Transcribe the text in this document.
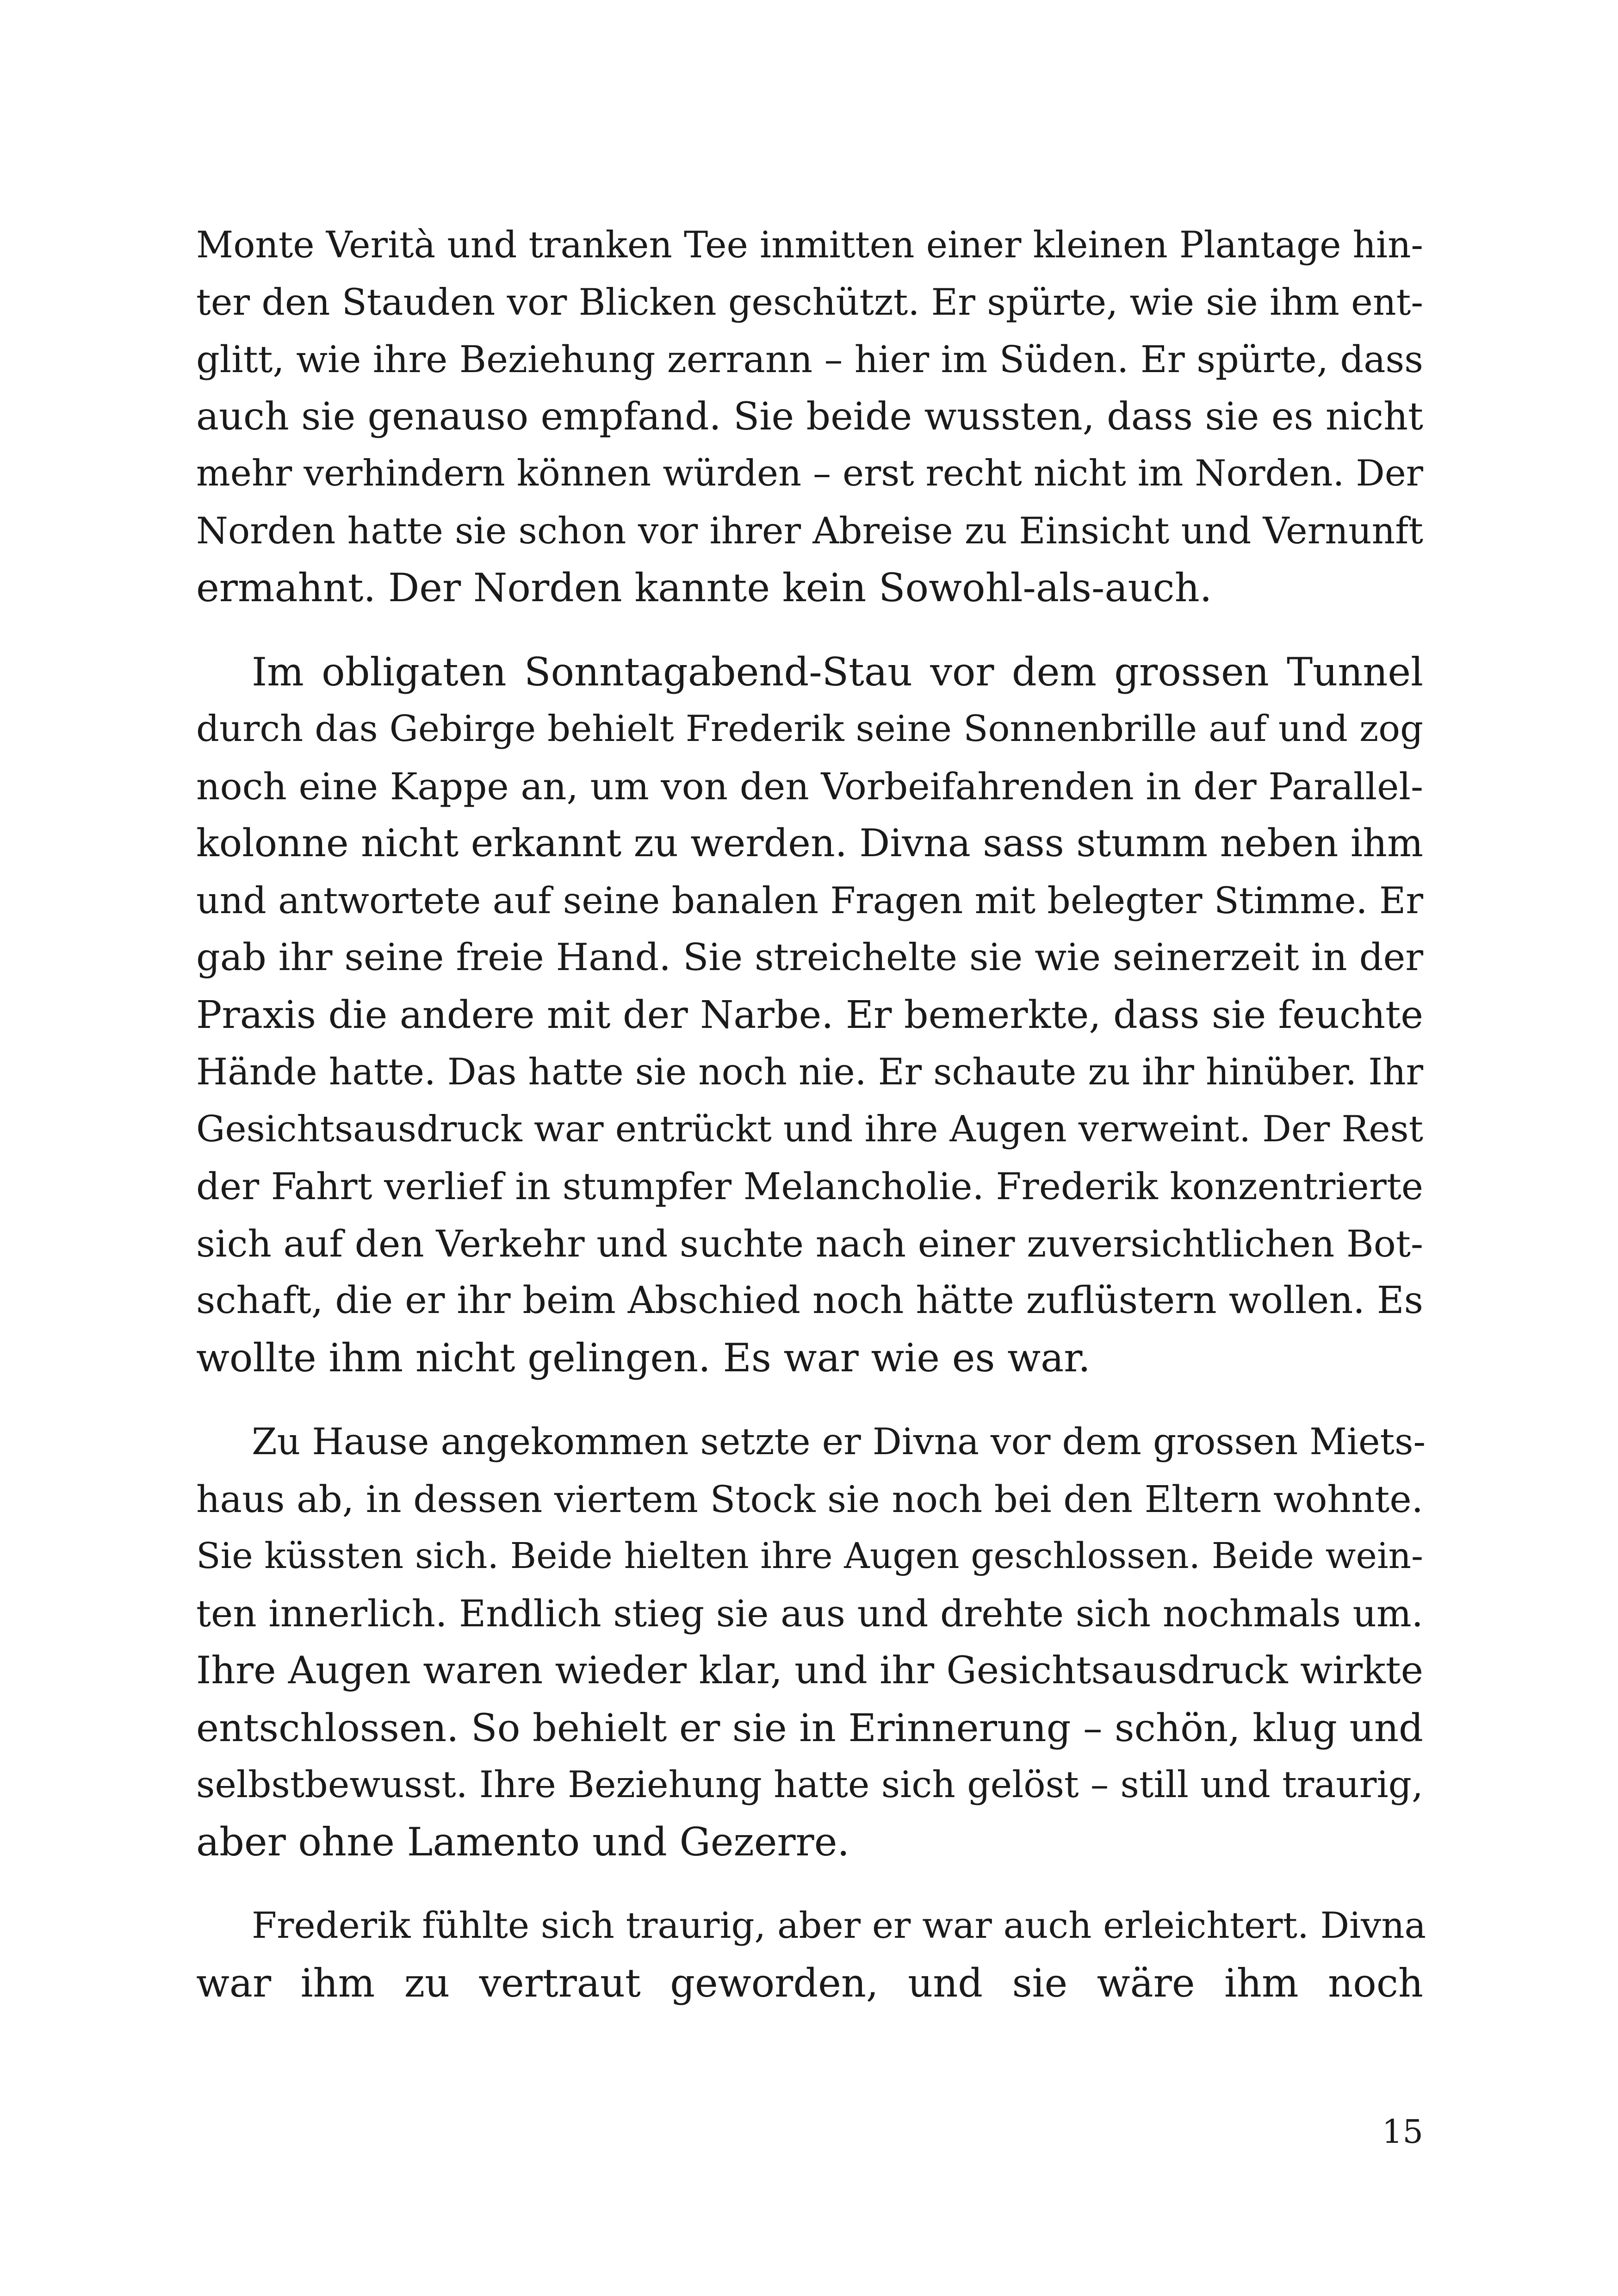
Monte Verità und tranken Tee inmitten einer kleinen Plantage hin-
ter den Stauden vor Blicken geschützt. Er spürte, wie sie ihm ent-
glitt, wie ihre Beziehung zerrann – hier im Süden. Er spürte, dass
auch sie genauso empfand. Sie beide wussten, dass sie es nicht
mehr verhindern können würden – erst recht nicht im Norden. Der
Norden hatte sie schon vor ihrer Abreise zu Einsicht und Vernunft
ermahnt. Der Norden kannte kein Sowohl-als-auch.
Im obligaten Sonntagabend-Stau vor dem grossen Tunnel
durch das Gebirge behielt Frederik seine Sonnenbrille auf und zog
noch eine Kappe an, um von den Vorbeifahrenden in der Parallel-
kolonne nicht erkannt zu werden. Divna sass stumm neben ihm
und antwortete auf seine banalen Fragen mit belegter Stimme. Er
gab ihr seine freie Hand. Sie streichelte sie wie seinerzeit in der
Praxis die andere mit der Narbe. Er bemerkte, dass sie feuchte
Hände hatte. Das hatte sie noch nie. Er schaute zu ihr hinüber. Ihr
Gesichtsausdruck war entrückt und ihre Augen verweint. Der Rest
der Fahrt verlief in stumpfer Melancholie. Frederik konzentrierte
sich auf den Verkehr und suchte nach einer zuversichtlichen Bot-
schaft, die er ihr beim Abschied noch hätte zuflüstern wollen. Es
wollte ihm nicht gelingen. Es war wie es war.
Zu Hause angekommen setzte er Divna vor dem grossen Miets-
haus ab, in dessen viertem Stock sie noch bei den Eltern wohnte.
Sie küssten sich. Beide hielten ihre Augen geschlossen. Beide wein-
ten innerlich. Endlich stieg sie aus und drehte sich nochmals um.
Ihre Augen waren wieder klar, und ihr Gesichtsausdruck wirkte
entschlossen. So behielt er sie in Erinnerung – schön, klug und
selbstbewusst. Ihre Beziehung hatte sich gelöst – still und traurig,
aber ohne Lamento und Gezerre.
Frederik fühlte sich traurig, aber er war auch erleichtert. Divna
war ihm zu vertraut geworden, und sie wäre ihm noch
15
